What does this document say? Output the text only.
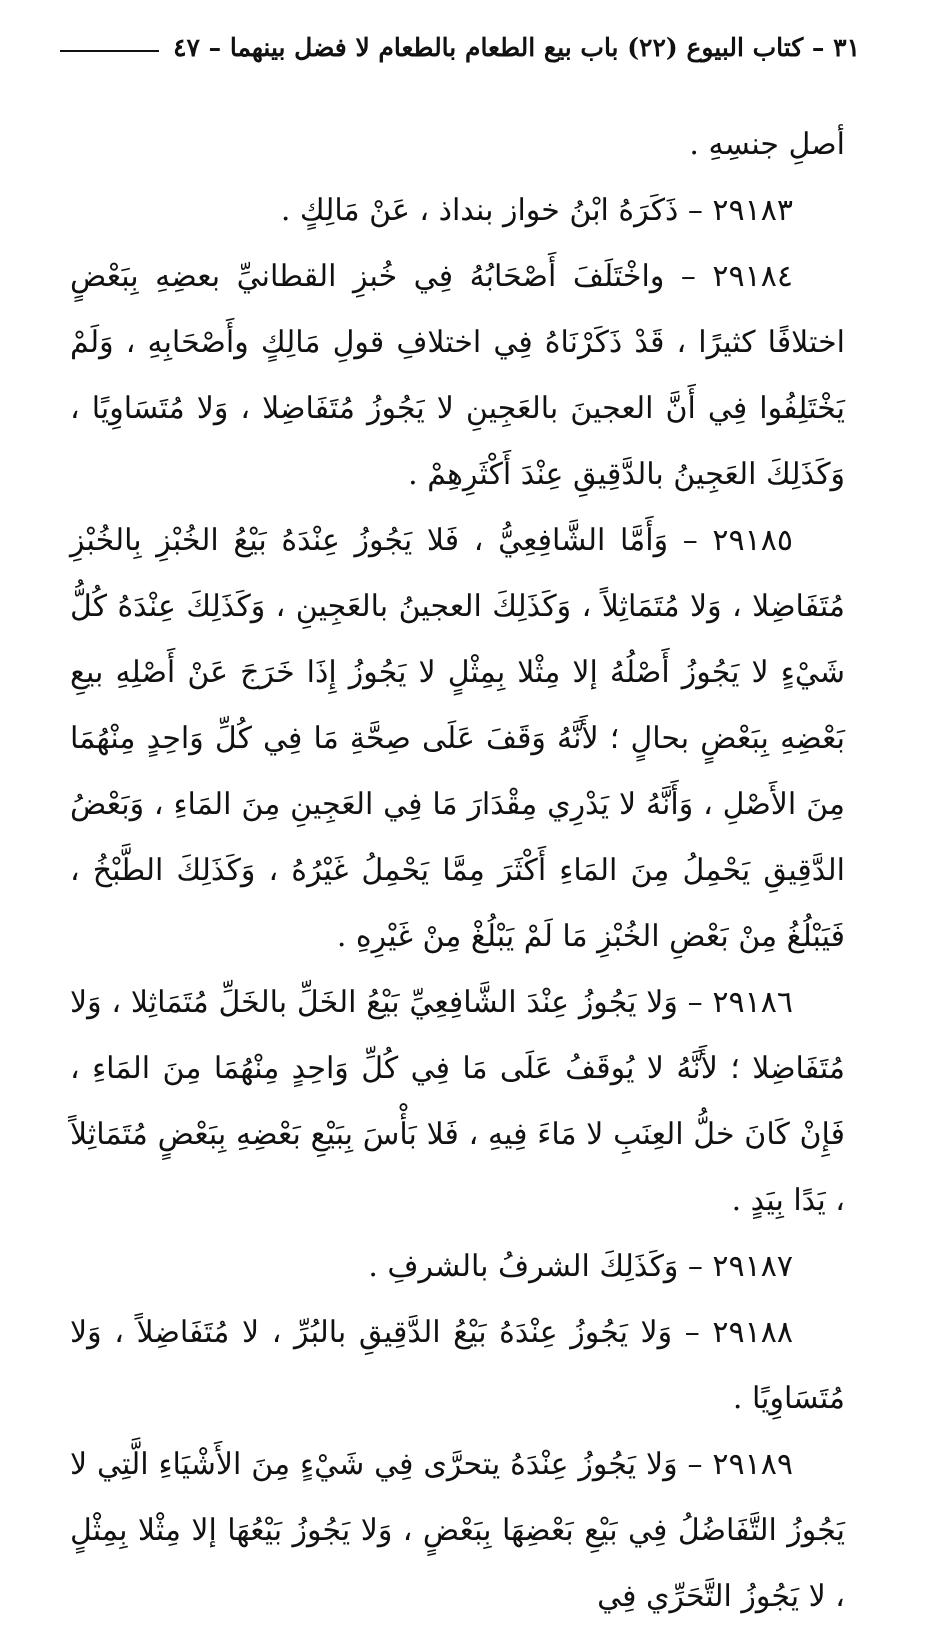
٣١ – كتاب البيوع (٢٢) باب بيع الطعام بالطعام لا فضل بينهما – ٤٧

أصلِ جنسِهِ .

٢٩١٨٣ – ذَكَرَهُ ابْنُ خواز بنداذ ، عَنْ مَالِكٍ .

٢٩١٨٤ – واخْتَلَفَ أَصْحَابُهُ فِي خُبزِ القطانيِّ بعضِهِ بِبَعْضٍ اختلافًا كثيرًا ، قَدْ ذَكَرْنَاهُ فِي اختلافِ قولِ مَالِكٍ وأَصْحَابِهِ ، وَلَمْ يَخْتَلِفُوا فِي أَنَّ العجينَ بالعَجِينِ لا يَجُوزُ مُتَفَاضِلا ، وَلا مُتَسَاوِيًا ، وَكَذَلِكَ العَجِينُ بالدَّقِيقِ عِنْدَ أَكْثَرِهِمْ .

٢٩١٨٥ – وَأَمَّا الشَّافِعِيُّ ، فَلا يَجُوزُ عِنْدَهُ بَيْعُ الخُبْزِ بِالخُبْزِ مُتَفَاضِلا ، وَلا مُتَمَاثِلاً ، وَكَذَلِكَ العجينُ بالعَجِينِ ، وَكَذَلِكَ عِنْدَهُ كُلُّ شَيْءٍ لا يَجُوزُ أَصْلُهُ إلا مِثْلا بِمِثْلٍ لا يَجُوزُ إِذَا خَرَجَ عَنْ أَصْلِهِ بيعِ بَعْضِهِ بِبَعْضٍ بحالٍ ؛ لأَنَّهُ وَقَفَ عَلَى صِحَّةِ مَا فِي كُلِّ وَاحِدٍ مِنْهُمَا مِنَ الأَصْلِ ، وَأَنَّهُ لا يَدْرِي مِقْدَارَ مَا فِي العَجِينِ مِنَ المَاءِ ، وَبَعْضُ الدَّقِيقِ يَحْمِلُ مِنَ المَاءِ أَكْثَرَ مِمَّا يَحْمِلُ غَيْرُهُ ، وَكَذَلِكَ الطَّبْخُ ، فَيَبْلُغُ مِنْ بَعْضِ الخُبْزِ مَا لَمْ يَبْلُغْ مِنْ غَيْرِهِ .

٢٩١٨٦ – وَلا يَجُوزُ عِنْدَ الشَّافِعِيِّ بَيْعُ الخَلِّ بالخَلِّ مُتَمَاثِلا ، وَلا مُتَفَاضِلا ؛ لأَنَّهُ لا يُوقَفُ عَلَى مَا فِي كُلِّ وَاحِدٍ مِنْهُمَا مِنَ المَاءِ ، فَإِنْ كَانَ خلُّ العِنَبِ لا مَاءَ فِيهِ ، فَلا بَأْسَ بِبَيْعِ بَعْضِهِ بِبَعْضٍ مُتَمَاثِلاً ، يَدًا بِيَدٍ .

٢٩١٨٧ – وَكَذَلِكَ الشرفُ بالشرفِ .

٢٩١٨٨ – وَلا يَجُوزُ عِنْدَهُ بَيْعُ الدَّقِيقِ بالبُرِّ ، لا مُتَفَاضِلاً ، وَلا مُتَسَاوِيًا .

٢٩١٨٩ – وَلا يَجُوزُ عِنْدَهُ يتحرَّى فِي شَيْءٍ مِنَ الأَشْيَاءِ الَّتِي لا يَجُوزُ التَّفَاضُلُ فِي بَيْعِ بَعْضِهَا بِبَعْضٍ ، وَلا يَجُوزُ بَيْعُهَا إلا مِثْلا بِمِثْلٍ ، لا يَجُوزُ التَّحَرِّي فِي
